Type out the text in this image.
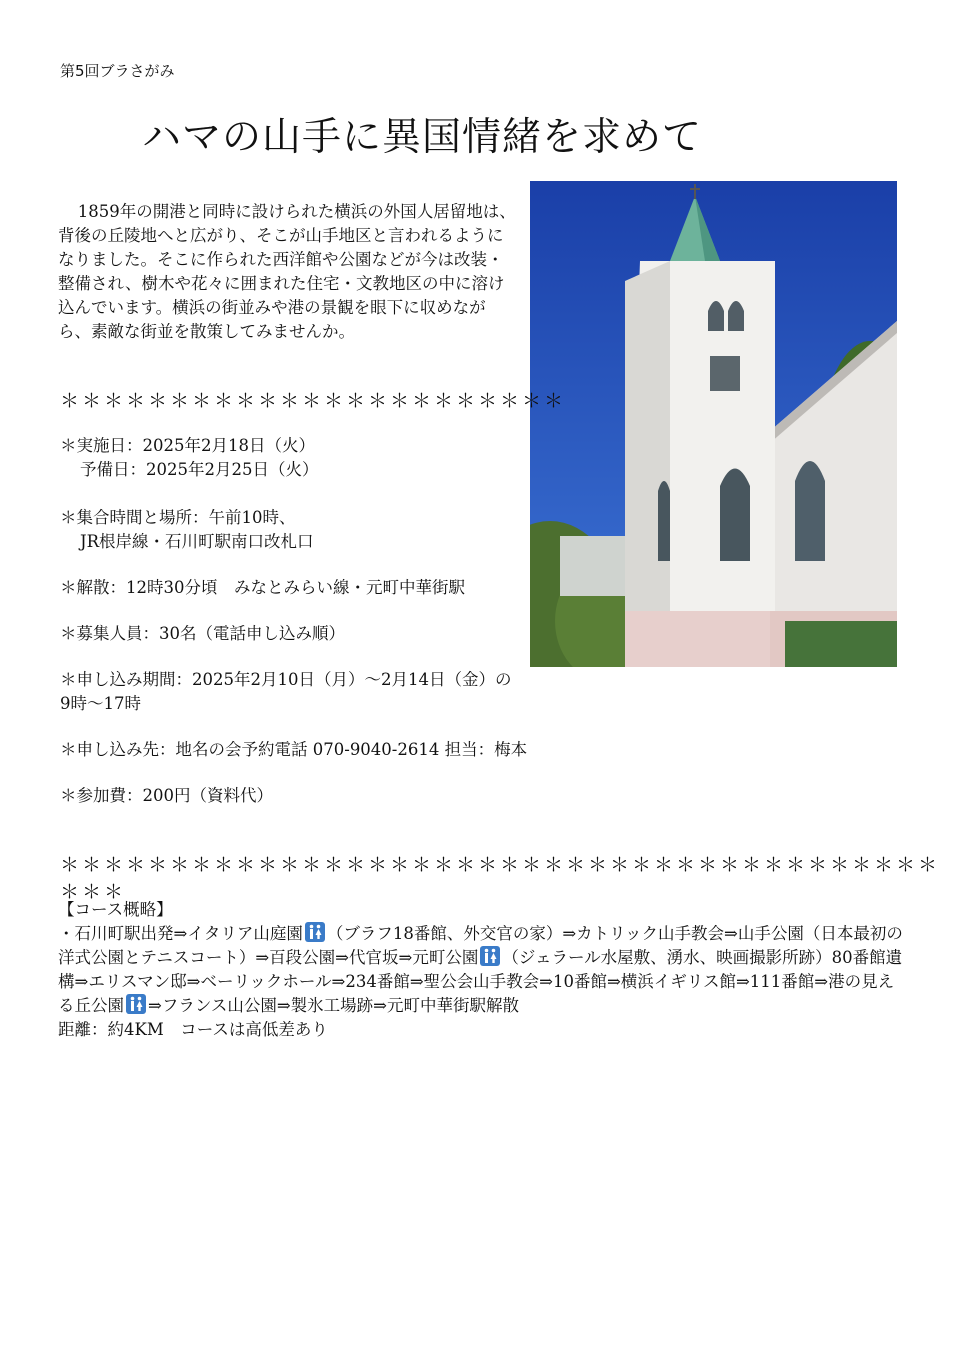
第5回ブラさがみ
ハマの山手に異国情緒を求めて

1859年の開港と同時に設けられた横浜の外国人居留地は、背後の丘陵地へと広がり、そこが山手地区と言われるようになりました。そこに作られた西洋館や公園などが今は改装・整備され、樹木や花々に囲まれた住宅・文教地区の中に溶け込んでいます。横浜の街並みや港の景観を眼下に収めながら、素敵な街並を散策してみませんか。

＊＊＊＊＊＊＊＊＊＊＊＊＊＊＊＊＊＊＊＊＊＊＊
＊実施日：2025年2月18日（火）
予備日：2025年2月25日（火）
＊集合時間と場所：午前10時、
JR根岸線・石川町駅南口改札口
＊解散：12時30分頃　みなとみらい線・元町中華街駅
＊募集人員：30名（電話申し込み順）
＊申し込み期間：2025年2月10日（月）～2月14日（金）の
9時～17時
＊申し込み先：地名の会予約電話 070-9040-2614 担当：梅本
＊参加費：200円（資料代）
＊＊＊＊＊＊＊＊＊＊＊＊＊＊＊＊＊＊＊＊＊＊＊＊＊＊＊＊＊＊＊＊＊＊＊＊＊＊＊＊＊＊＊

【コース概略】

・石川町駅出発⇒イタリア山庭園 （ブラフ18番館、外交官の家）⇒カトリック山手教会⇒山手公園（日本最初の洋式公園とテニスコート）⇒百段公園⇒代官坂⇒元町公園 （ジェラール水屋敷、湧水、映画撮影所跡）80番館遺構⇒エリスマン邸⇒ベーリックホール⇒234番館⇒聖公会山手教会⇒10番館⇒横浜イギリス館⇒111番館⇒港の見える丘公園 ⇒フランス山公園⇒製氷工場跡⇒元町中華街駅解散

距離：約4KM　コースは高低差あり
